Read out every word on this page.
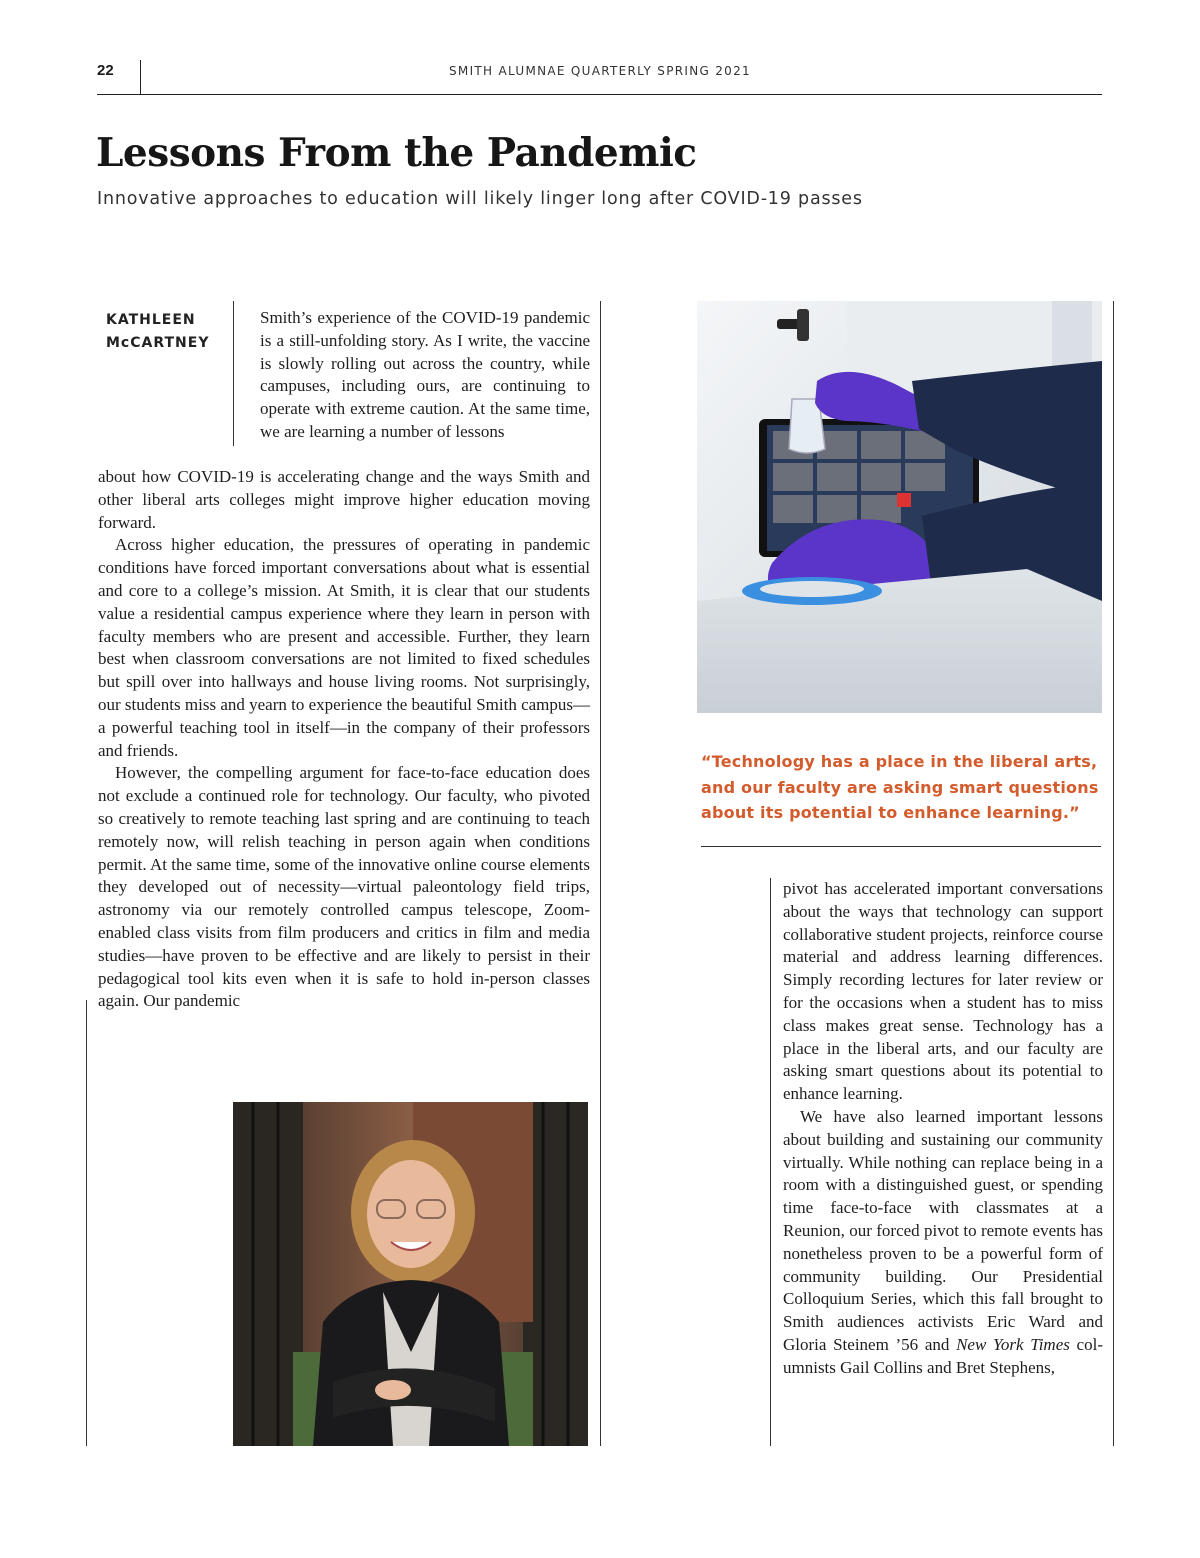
22	SMITH ALUMNAE QUARTERLY SPRING 2021
Lessons From the Pandemic
Innovative approaches to education will likely linger long after COVID-19 passes
KATHLEEN
McCARTNEY
Smith’s experience of the COVID-19 pandemic is a still-unfolding story. As I write, the vaccine is slowly rolling out across the country, while campuses, including ours, are continuing to operate with extreme caution. At the same time, we are learning a number of lessons

about how COVID-19 is accelerating change and the ways Smith and other liberal arts colleges might improve higher education moving forward.

Across higher education, the pressures of operating in pandemic conditions have forced important conversations about what is essential and core to a college’s mission. At Smith, it is clear that our students value a residential campus experience where they learn in person with faculty members who are present and accessible. Further, they learn best when classroom conversations are not limited to fixed schedules but spill over into hallways and house living rooms. Not surprisingly, our students miss and yearn to experience the beautiful Smith campus—a powerful teaching tool in itself—in the company of their professors and friends.

However, the compelling argument for face-to-face education does not exclude a continued role for technology. Our faculty, who pivoted so creatively to remote teaching last spring and are continuing to teach remotely now, will relish teaching in person again when conditions permit. At the same time, some of the innovative online course elements they developed out of necessity—virtual paleontology field trips, astronomy via our remotely controlled campus telescope, Zoom-enabled class visits from film producers and critics in film and media studies—have proven to be effective and are likely to persist in their pedagogical tool kits even when it is safe to hold in-person classes again. Our pandemic

pivot has accelerated important conversations about the ways that technology can support collaborative student projects, reinforce course material and address learning differences. Simply recording lectures for later review or for the occasions when a student has to miss class makes great sense. Technology has a place in the liberal arts, and our faculty are asking smart questions about its potential to enhance learning.

We have also learned important lessons about building and sustaining our community virtually. While nothing can replace being in a room with a distinguished guest, or spending time face-to-face with classmates at a Reunion, our forced pivot to remote events has nonetheless proven to be a powerful form of community building. Our Presidential Colloquium Series, which this fall brought to Smith audiences activists Eric Ward and Gloria Steinem ’56 and New York Times columnists Gail Collins and Bret Stephens,

“Technology has a place in the liberal arts, and our faculty are asking smart questions about its potential to enhance learning.”
